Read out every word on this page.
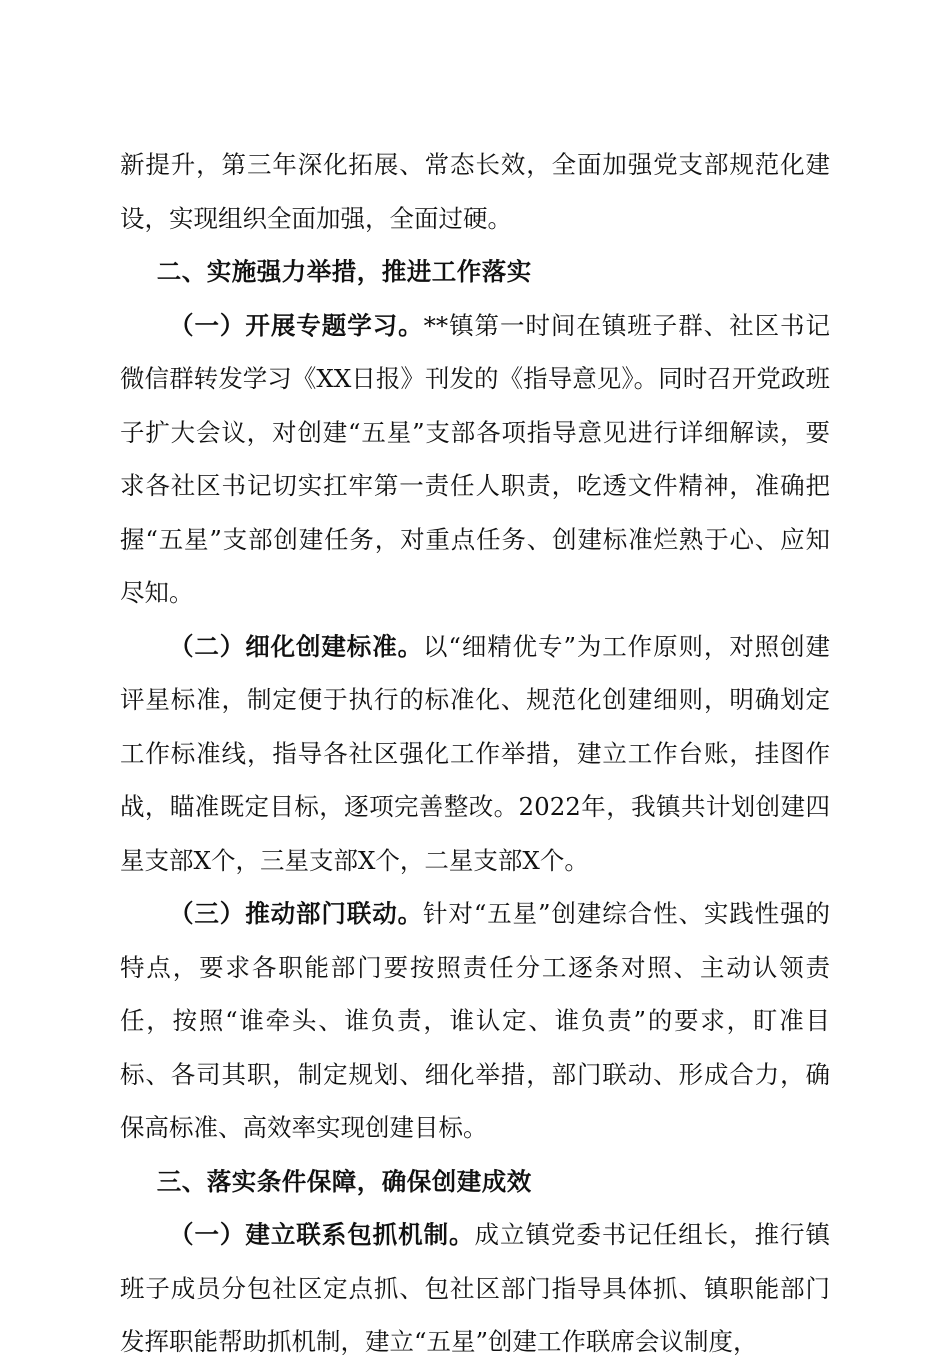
新提升，第三年深化拓展、常态长效，全面加强党支部规范化建设，实现组织全面加强，全面过硬。

二、实施强力举措，推进工作落实

（一）开展专题学习。**镇第一时间在镇班子群、社区书记微信群转发学习《XX日报》刊发的《指导意见》。同时召开党政班子扩大会议，对创建“五星”支部各项指导意见进行详细解读，要求各社区书记切实扛牢第一责任人职责，吃透文件精神，准确把握“五星”支部创建任务，对重点任务、创建标准烂熟于心、应知尽知。

（二）细化创建标准。以“细精优专”为工作原则，对照创建评星标准，制定便于执行的标准化、规范化创建细则，明确划定工作标准线，指导各社区强化工作举措，建立工作台账，挂图作战，瞄准既定目标，逐项完善整改。2022年，我镇共计划创建四星支部X个，三星支部X个，二星支部X个。

（三）推动部门联动。针对“五星”创建综合性、实践性强的特点，要求各职能部门要按照责任分工逐条对照、主动认领责任，按照“谁牵头、谁负责，谁认定、谁负责”的要求，盯准目标、各司其职，制定规划、细化举措，部门联动、形成合力，确保高标准、高效率实现创建目标。

三、落实条件保障，确保创建成效

（一）建立联系包抓机制。成立镇党委书记任组长，推行镇班子成员分包社区定点抓、包社区部门指导具体抓、镇职能部门发挥职能帮助抓机制，建立“五星”创建工作联席会议制度，
